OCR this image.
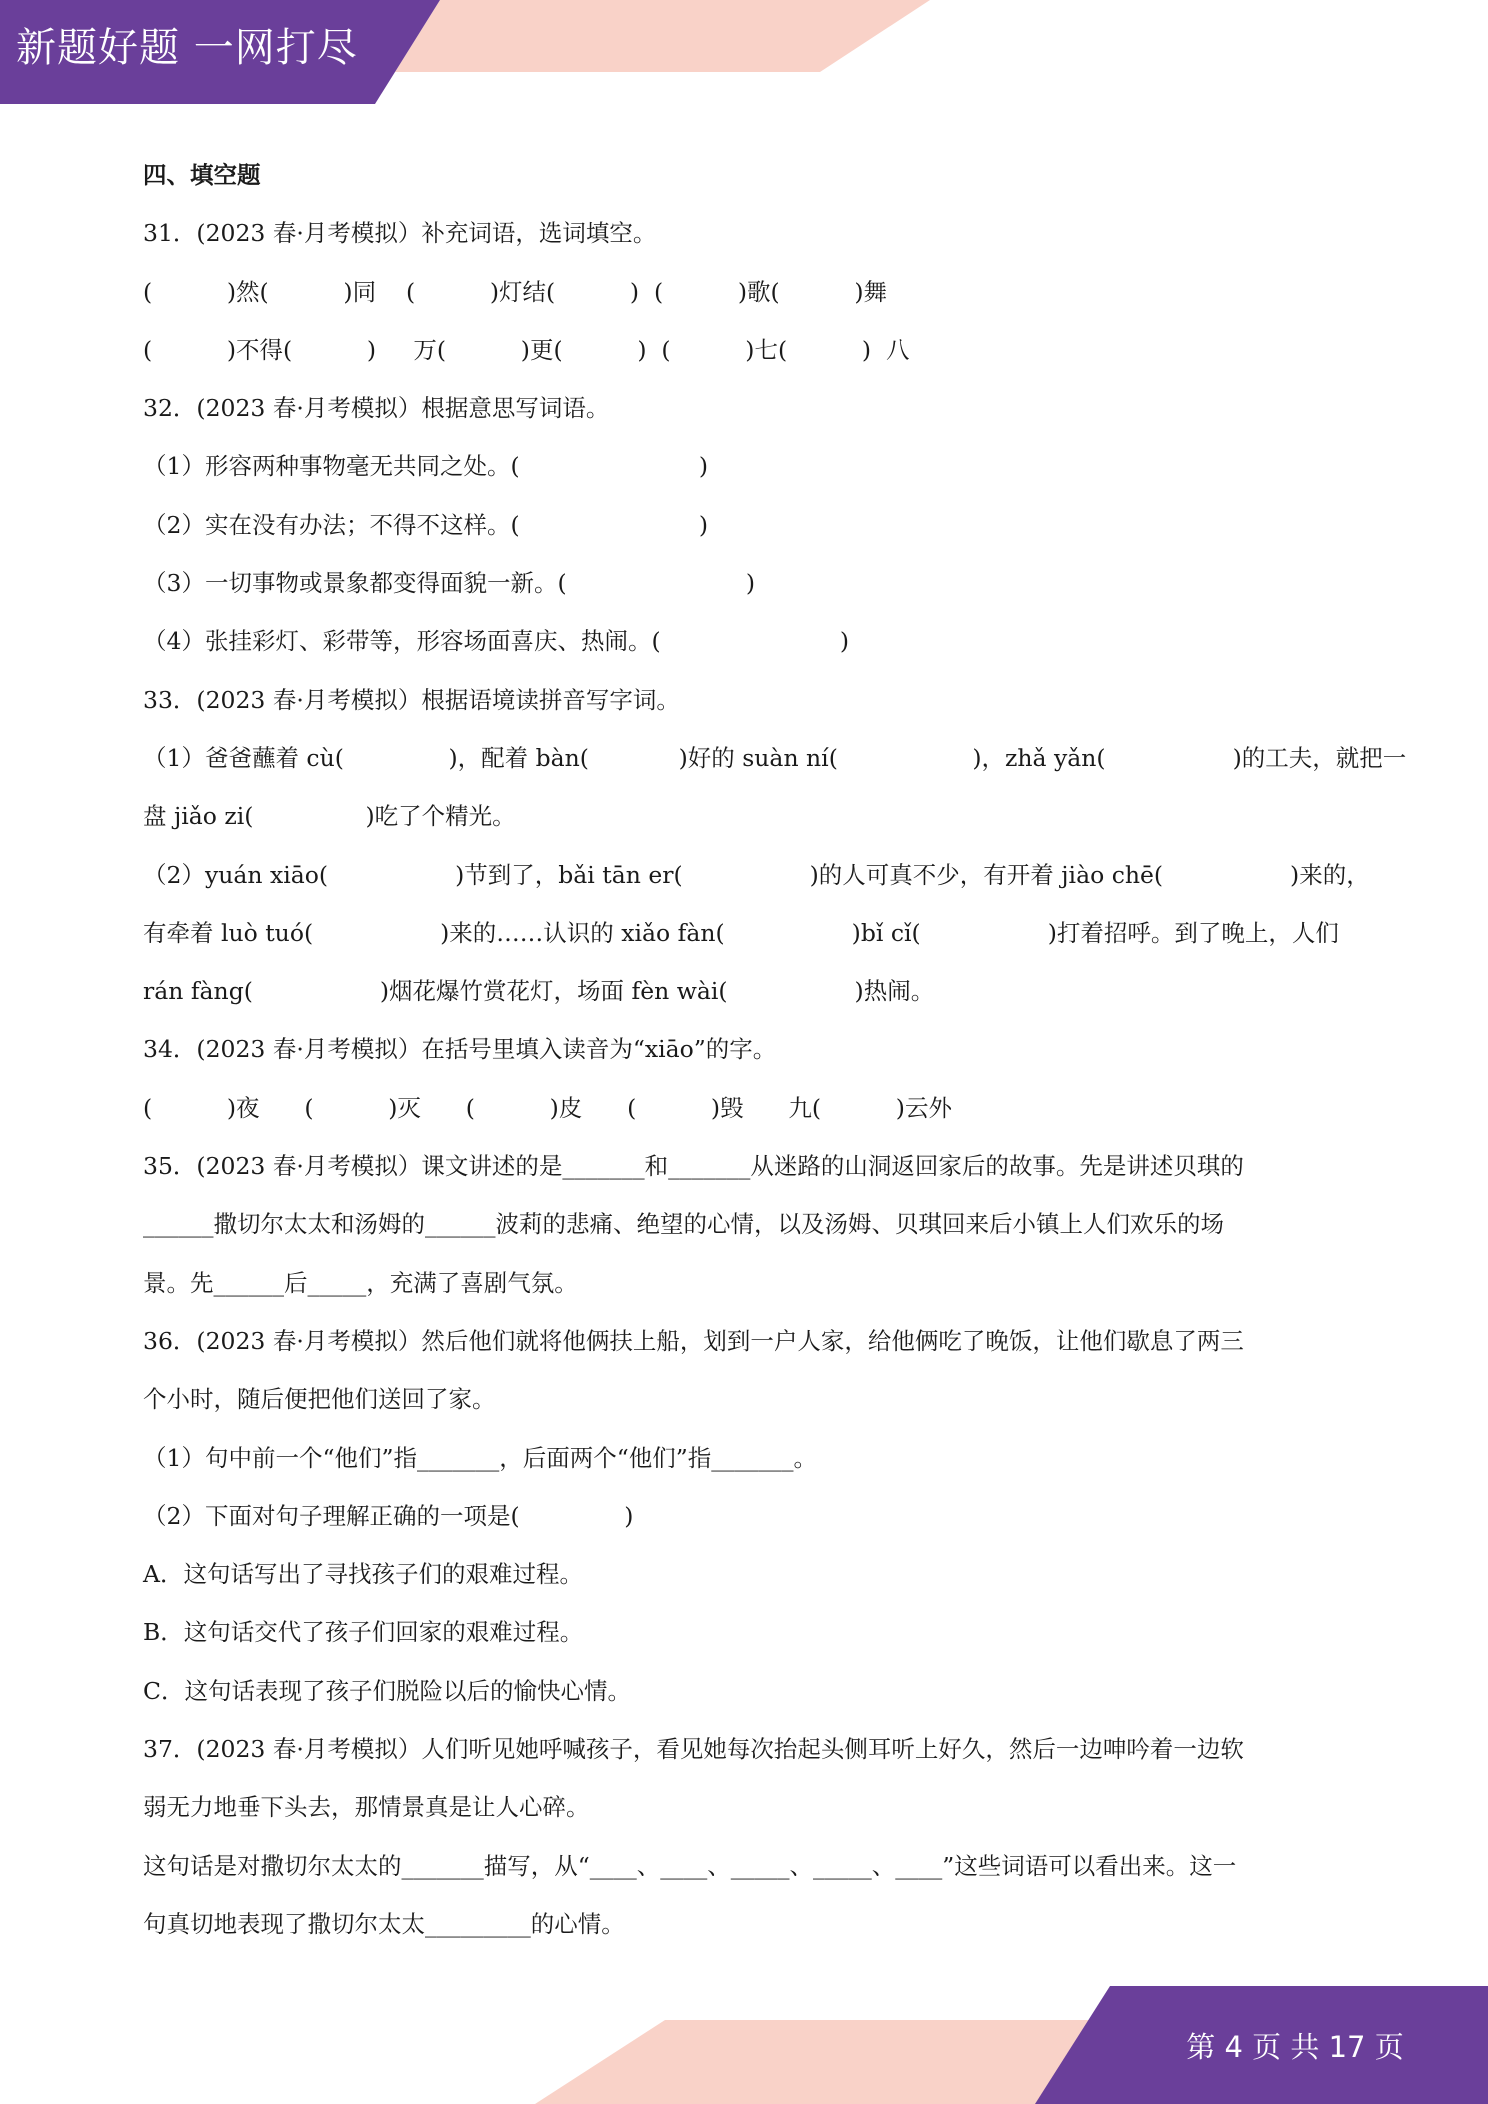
新题好题 一网打尽
第 4 页 共 17 页
四、填空题
31．(2023 春·月考模拟）补充词语，选词填空。
(          )然(          )同    (          )灯结(          )  (          )歌(          )舞
(          )不得(          )     万(          )更(          )  (          )七(          )  八
32．(2023 春·月考模拟）根据意思写词语。
（1）形容两种事物毫无共同之处。(                        )
（2）实在没有办法；不得不这样。(                        )
（3）一切事物或景象都变得面貌一新。(                        )
（4）张挂彩灯、彩带等，形容场面喜庆、热闹。(                        )
33．(2023 春·月考模拟）根据语境读拼音写字词。
（1）爸爸蘸着 cù(              )，配着 bàn(            )好的 suàn ní(                  )，zhǎ yǎn(                 )的工夫，就把一
盘 jiǎo zi(               )吃了个精光。
（2）yuán xiāo(                 )节到了，bǎi tān er(                 )的人可真不少，有开着 jiào chē(                 )来的，
有牵着 luò tuó(                 )来的……认识的 xiǎo fàn(                 )bǐ cǐ(                 )打着招呼。到了晚上，人们
rán fàng(                 )烟花爆竹赏花灯，场面 fèn wài(                 )热闹。
34．(2023 春·月考模拟）在括号里填入读音为“xiāo”的字。
(          )夜      (          )灭      (          )皮      (          )毁      九(          )云外
35．(2023 春·月考模拟）课文讲述的是_______和_______从迷路的山洞返回家后的故事。先是讲述贝琪的
______撒切尔太太和汤姆的______波莉的悲痛、绝望的心情，以及汤姆、贝琪回来后小镇上人们欢乐的场
景。先______后_____，充满了喜剧气氛。
36．(2023 春·月考模拟）然后他们就将他俩扶上船，划到一户人家，给他俩吃了晚饭，让他们歇息了两三
个小时，随后便把他们送回了家。
（1）句中前一个“他们”指_______，后面两个“他们”指_______。
（2）下面对句子理解正确的一项是(              )
A．这句话写出了寻找孩子们的艰难过程。
B．这句话交代了孩子们回家的艰难过程。
C．这句话表现了孩子们脱险以后的愉快心情。
37．(2023 春·月考模拟）人们听见她呼喊孩子，看见她每次抬起头侧耳听上好久，然后一边呻吟着一边软
弱无力地垂下头去，那情景真是让人心碎。
这句话是对撒切尔太太的_______描写，从“____、____、_____、_____、____”这些词语可以看出来。这一
句真切地表现了撒切尔太太_________的心情。
